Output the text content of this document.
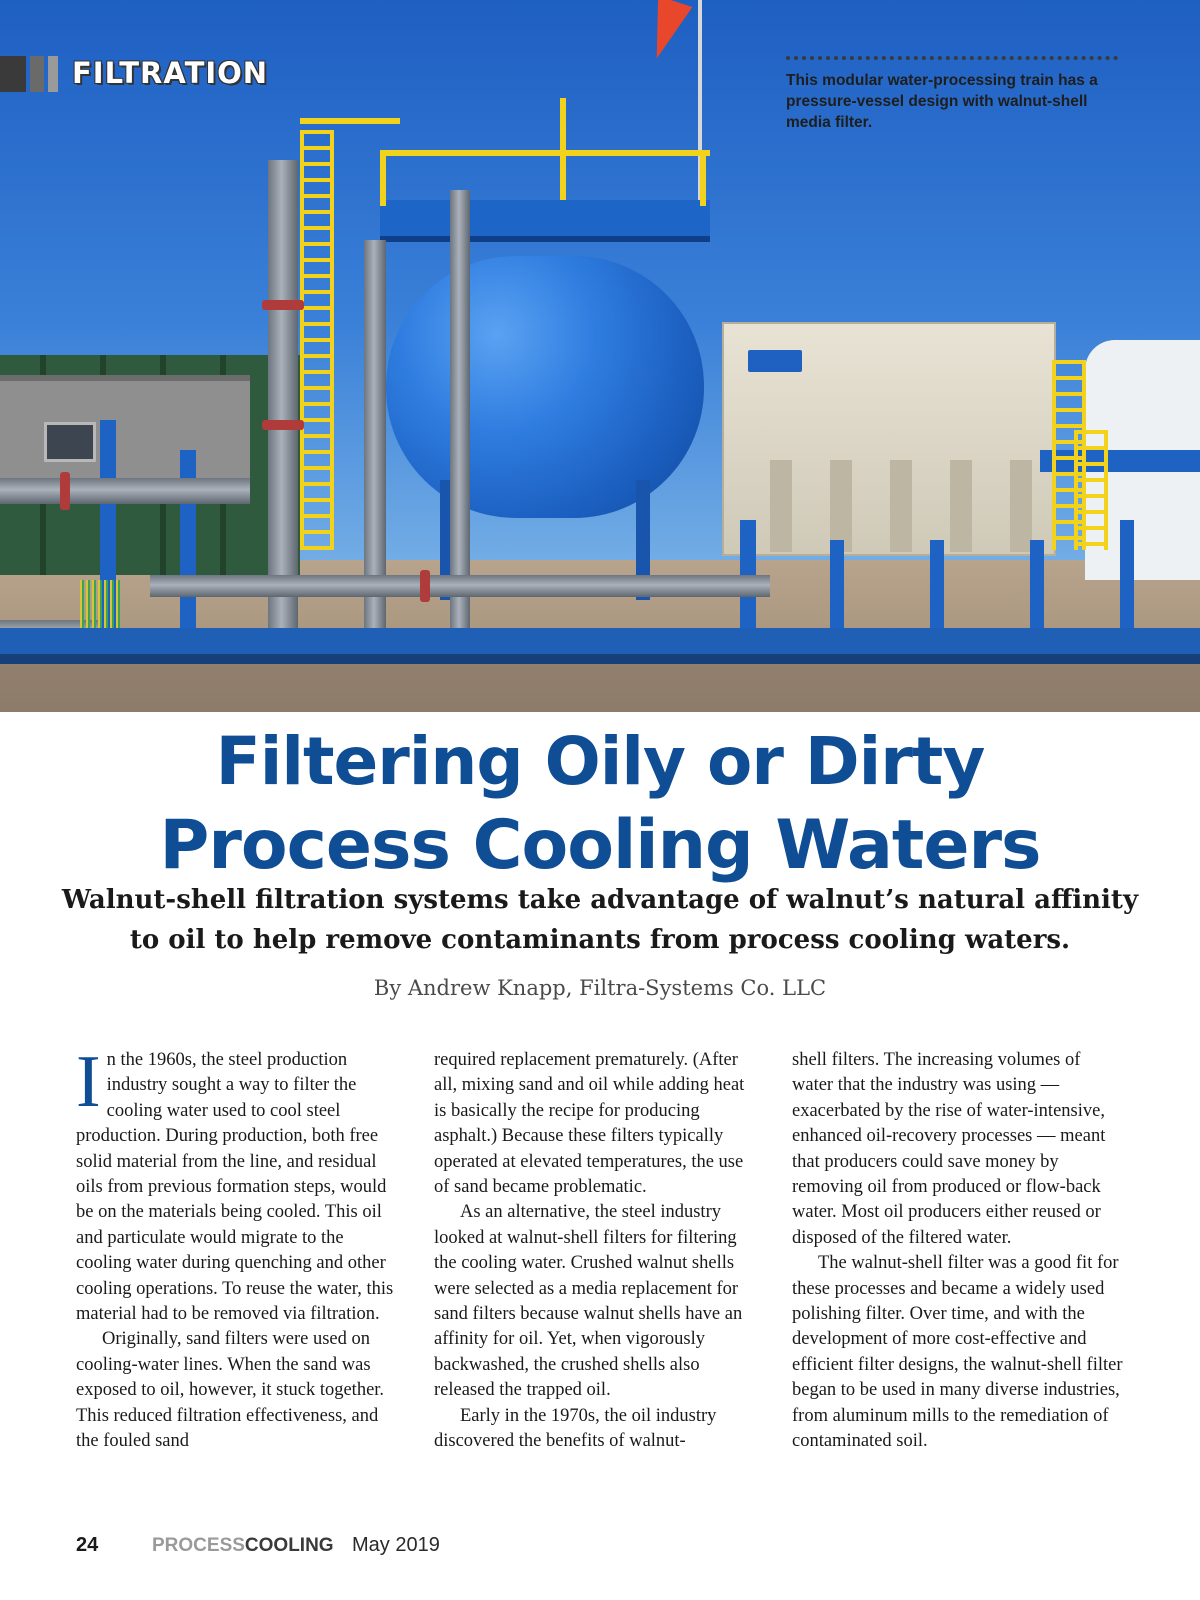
FILTRATION	This modular water-processing train has a pressure-vessel design with walnut-shell media filter.

Filtering Oily or Dirty
Process Cooling Waters

Walnut-shell filtration systems take advantage of walnut’s natural affinity to oil to help remove contaminants from process cooling waters.

By Andrew Knapp, Filtra-Systems Co. LLC

In the 1960s, the steel production industry sought a way to filter the cooling water used to cool steel production. During production, both free solid material from the line, and residual oils from previous formation steps, would be on the materials being cooled. This oil and particulate would migrate to the cooling water during quenching and other cooling operations. To reuse the water, this material had to be removed via filtration.

Originally, sand filters were used on cooling-water lines. When the sand was exposed to oil, however, it stuck together. This reduced filtration effectiveness, and the fouled sand

required replacement prematurely. (After all, mixing sand and oil while adding heat is basically the recipe for producing asphalt.) Because these filters typically operated at elevated temperatures, the use of sand became problematic.

As an alternative, the steel industry looked at walnut-shell filters for filtering the cooling water. Crushed walnut shells were selected as a media replacement for sand filters because walnut shells have an affinity for oil. Yet, when vigorously backwashed, the crushed shells also released the trapped oil.

Early in the 1970s, the oil industry discovered the benefits of walnut-

shell filters. The increasing volumes of water that the industry was using — exacerbated by the rise of water-intensive, enhanced oil-recovery processes — meant that producers could save money by removing oil from produced or flow-back water. Most oil producers either reused or disposed of the filtered water.

The walnut-shell filter was a good fit for these processes and became a widely used polishing filter. Over time, and with the development of more cost-effective and efficient filter designs, the walnut-shell filter began to be used in many diverse industries, from aluminum mills to the remediation of contaminated soil.

24	PROCESSCOOLING May 2019
